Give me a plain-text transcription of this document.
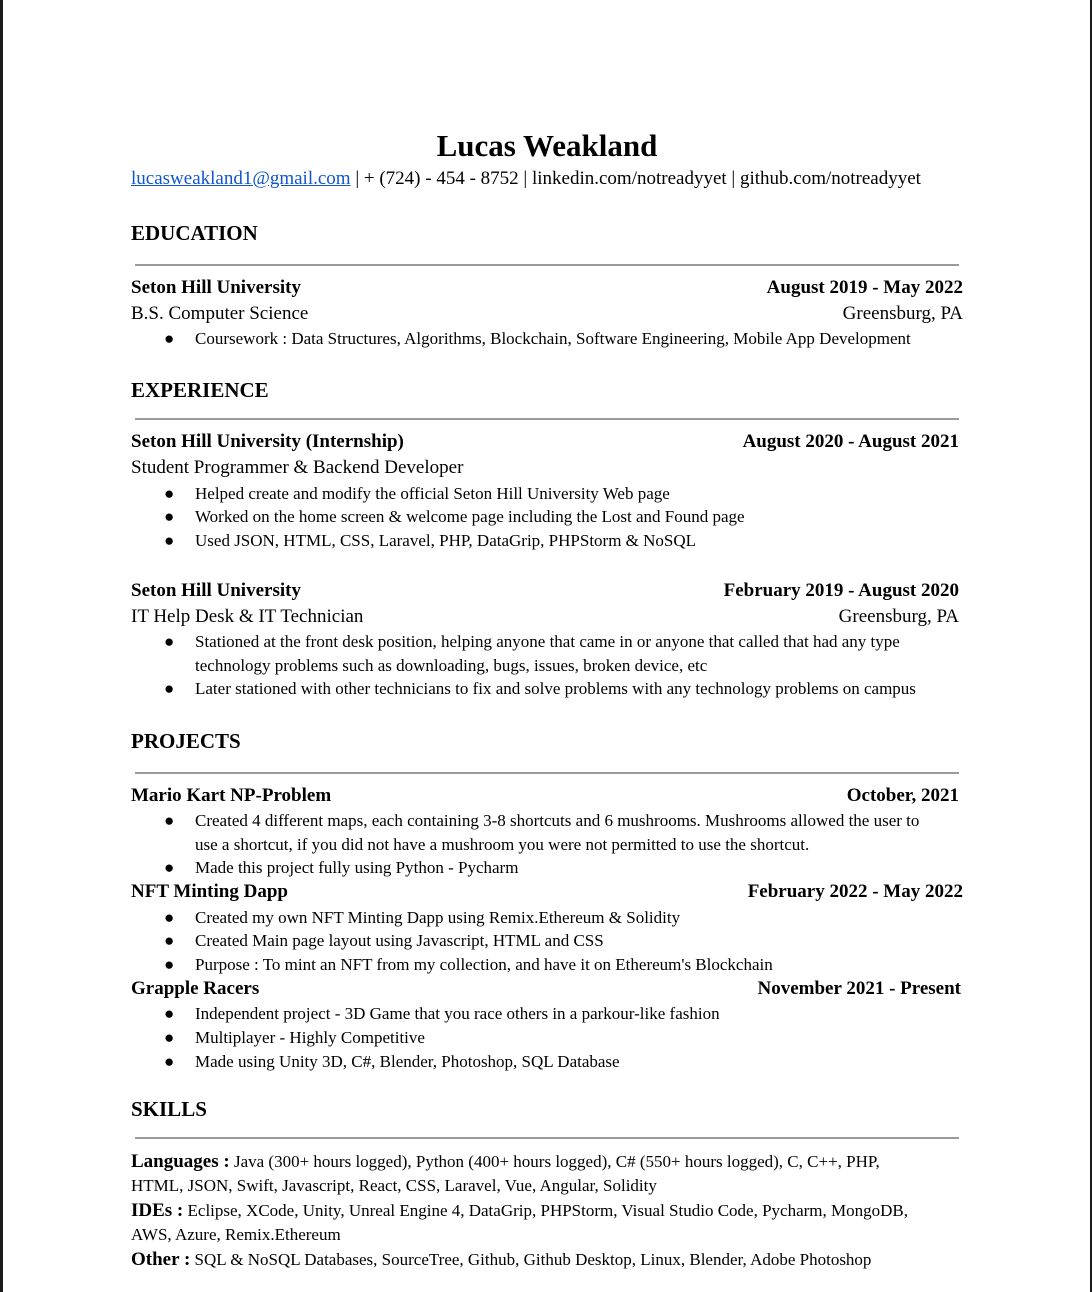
Lucas Weakland
lucasweakland1@gmail.com | + (724) - 454 - 8752 | linkedin.com/notreadyyet | github.com/notreadyyet
EDUCATION
Seton Hill University	August 2019 - May 2022
B.S. Computer Science	Greensburg, PA
● Coursework : Data Structures, Algorithms, Blockchain, Software Engineering, Mobile App Development
EXPERIENCE
Seton Hill University (Internship)	August 2020 - August 2021
Student Programmer & Backend Developer
● Helped create and modify the official Seton Hill University Web page
● Worked on the home screen & welcome page including the Lost and Found page
● Used JSON, HTML, CSS, Laravel, PHP, DataGrip, PHPStorm & NoSQL
Seton Hill University	February 2019 - August 2020
IT Help Desk & IT Technician	Greensburg, PA
● Stationed at the front desk position, helping anyone that came in or anyone that called that had any type
technology problems such as downloading, bugs, issues, broken device, etc
● Later stationed with other technicians to fix and solve problems with any technology problems on campus
PROJECTS
Mario Kart NP-Problem	October, 2021
● Created 4 different maps, each containing 3-8 shortcuts and 6 mushrooms. Mushrooms allowed the user to
use a shortcut, if you did not have a mushroom you were not permitted to use the shortcut.
● Made this project fully using Python - Pycharm
NFT Minting Dapp	February 2022 - May 2022
● Created my own NFT Minting Dapp using Remix.Ethereum & Solidity
● Created Main page layout using Javascript, HTML and CSS
● Purpose : To mint an NFT from my collection, and have it on Ethereum's Blockchain
Grapple Racers	November 2021 - Present
● Independent project - 3D Game that you race others in a parkour-like fashion
● Multiplayer - Highly Competitive
● Made using Unity 3D, C#, Blender, Photoshop, SQL Database
SKILLS
Languages : Java (300+ hours logged), Python (400+ hours logged), C# (550+ hours logged), C, C++, PHP,
HTML, JSON, Swift, Javascript, React, CSS, Laravel, Vue, Angular, Solidity
IDEs : Eclipse, XCode, Unity, Unreal Engine 4, DataGrip, PHPStorm, Visual Studio Code, Pycharm, MongoDB,
AWS, Azure, Remix.Ethereum
Other : SQL & NoSQL Databases, SourceTree, Github, Github Desktop, Linux, Blender, Adobe Photoshop
